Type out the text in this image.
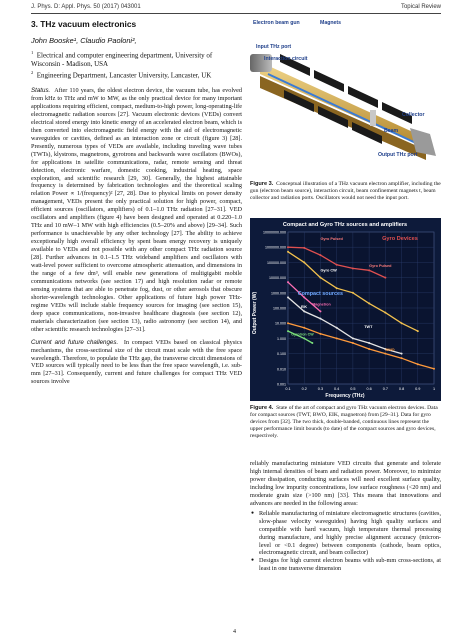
J. Phys. D: Appl. Phys. 50 (2017) 043001	Topical Review
3. THz vacuum electronics
John Booske¹, Claudio Paoloni²,
$^1$ Electrical and computer engineering department, University of Wisconsin - Madison, USA
$^2$ Engineering Department, Lancaster University, Lancaster, UK

Status. After 110 years, the oldest electron device, the vacuum tube, has evolved from kHz to THz and mW to MW, as the only practical device for many important applications requiring efficient, compact, medium-to-high power, long-operating-life electromagnetic radiation sources [27]. Vacuum electronic devices (VEDs) convert electrical stored energy into kinetic energy of an accelerated electron beam, which is then converted into electromagnetic field energy with the aid of electromagnetic waveguides or cavities, defined as an interaction zone or circuit (figure 3) [28]. Presently, numerous types of VEDs are available, including traveling wave tubes (TWTs), klystrons, magnetrons, gyrotrons and backwards wave oscillators (BWOs), for applications in satellite communications, radar, remote sensing and threat detection, electronic warfare, domestic cooking, industrial heating, space exploration, and scientific research [29, 30]. Generally, the highest attainable frequency is determined by fabrication technologies and the theoretical scaling relation Power ∝ 1/(frequency)² [27, 28]. Due to physical limits on power density management, VEDs present the only practical solution for high power, compact, efficient sources (oscillators, amplifiers) of 0.1–1.0 THz radiation [27–31]. VED oscillators and amplifiers (figure 4) have been designed and operated at 0.220–1.0 THz and 10 mW–1 MW with high efficiencies (0.5–20% and above) [29–34]. Such performance is unachievable by any other technology [27]. The ability to achieve exceptionally high overall efficiency by spent beam energy recovery is uniquely available to VEDs and not possible with any other compact THz radiation source [28]. Further advances in 0.1–1.5 THz wideband amplifiers and oscillators with watt-level power sufficient to overcome atmospheric attenuation, and dimensions in the range of a few dm³, will enable new generations of multigigabit mobile communications networks (see section 17) and high resolution radar or remote sensing systems that are able to penetrate fog, dust, or other aerosols that obscure shorter-wavelength technologies. Other applications of future high power THz-regime VEDs will include stable frequency sources for imaging (see section 15), deep space communications, non-invasive healthcare diagnosis (see section 12), materials characterization (see section 13), radio astronomy (see section 14), and other scientific research technologies [27–31].

Current and future challenges. In compact VEDs based on classical physics mechanisms, the cross-sectional size of the circuit must scale with the free space wavelength. Therefore, to populate the THz gap, the transverse circuit dimensions of VED sources will typically need to be less than the free space wavelength, i.e. sub-mm [27–31]. Consequently, current and future challenges for compact THz VED sources involve

Electron beam gun	Magnets
Input THz port
Interaction circuit
Collector
Beam
Output THz port
Figure 3. Conceptual illustration of a THz vacuum electron amplifier, including the gun (electron beam source), interaction circuit, beam confinement magnets t, beam collector and radiation ports. Oscillators would not need the input port.
Compact and Gyro THz sources and amplifiers
Frequency (THz)
Output Power (W)
10000000.000
1000000.000
100000.000
10000.000
1000.000
100.000
10.000
1.000
0.100
0.010
0.001
0.1	0.2	0.3	0.4	0.5	0.6	0.7	0.8	0.9	1
Gyro Devices
Gyro Pulsed
Gyro CW
Compact sources
Gyro Pulsed
TWT
Magnetron
Gyrotron CW
BWO
EIK
Figure 4. State of the art of compact and gyro THz vacuum electron devices. Data for compact sources (TWT, BWO, EIK, magnetron) from [29–31]. Data for gyro devices from [32]. The two thick, double-banded, continuous lines represent the upper performance limit bounds (to date) of the compact sources and gyro devices, respectively.

reliably manufacturing miniature VED circuits that generate and tolerate high internal densities of beam and radiation power. Moreover, to minimize power dissipation, conducting surfaces will need excellent surface quality, including low impurity concentrations, low surface roughness (<20 nm) and moderate grain size (>100 nm) [33]. This means that innovations and advances are needed in the following areas:

● Reliable manufacturing of miniature electromagnetic structures (cavities, slow-phase velocity waveguides) having high quality surfaces and compatible with hard vacuum, high temperature thermal processing during manufacture, and highly precise alignment accuracy (micron-level or <0.1 degree) between components (cathode, beam optics, electromagnetic circuit, and beam collector)
● Designs for high current electron beams with sub-mm cross-sections, at least in one transverse dimension
4
